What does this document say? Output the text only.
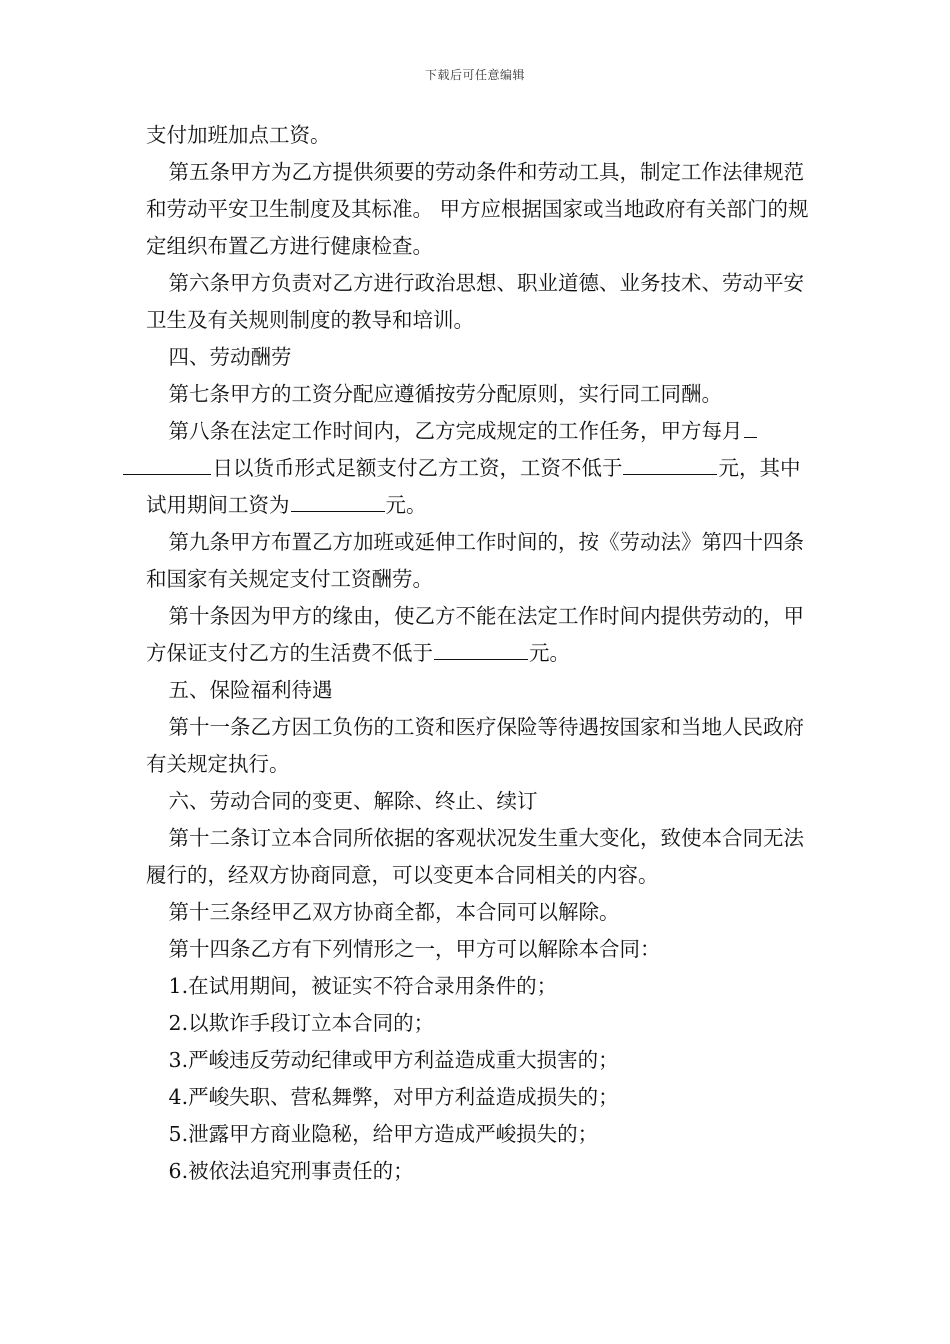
下载后可任意编辑

支付加班加点工资。

第五条甲方为乙方提供须要的劳动条件和劳动工具，制定工作法律规范和劳动平安卫生制度及其标准。 甲方应根据国家或当地政府有关部门的规定组织布置乙方进行健康检查。

第六条甲方负责对乙方进行政治思想、职业道德、业务技术、劳动平安卫生及有关规则制度的教导和培训。

四、劳动酬劳

第七条甲方的工资分配应遵循按劳分配原则，实行同工同酬。

第八条在法定工作时间内，乙方完成规定的工作任务，甲方每月
日以货币形式足额支付乙方工资，工资不低于	元，其中试用期间工资为	元。

第九条甲方布置乙方加班或延伸工作时间的，按《劳动法》第四十四条和国家有关规定支付工资酬劳。

第十条因为甲方的缘由，使乙方不能在法定工作时间内提供劳动的，甲方保证支付乙方的生活费不低于	元。

五、保险福利待遇

第十一条乙方因工负伤的工资和医疗保险等待遇按国家和当地人民政府有关规定执行。

六、劳动合同的变更、解除、终止、续订

第十二条订立本合同所依据的客观状况发生重大变化，致使本合同无法履行的，经双方协商同意，可以变更本合同相关的内容。

第十三条经甲乙双方协商全都，本合同可以解除。

第十四条乙方有下列情形之一，甲方可以解除本合同：

1.在试用期间，被证实不符合录用条件的；

2.以欺诈手段订立本合同的；

3.严峻违反劳动纪律或甲方利益造成重大损害的；

4.严峻失职、营私舞弊，对甲方利益造成损失的；

5.泄露甲方商业隐秘，给甲方造成严峻损失的；

6.被依法追究刑事责任的；
